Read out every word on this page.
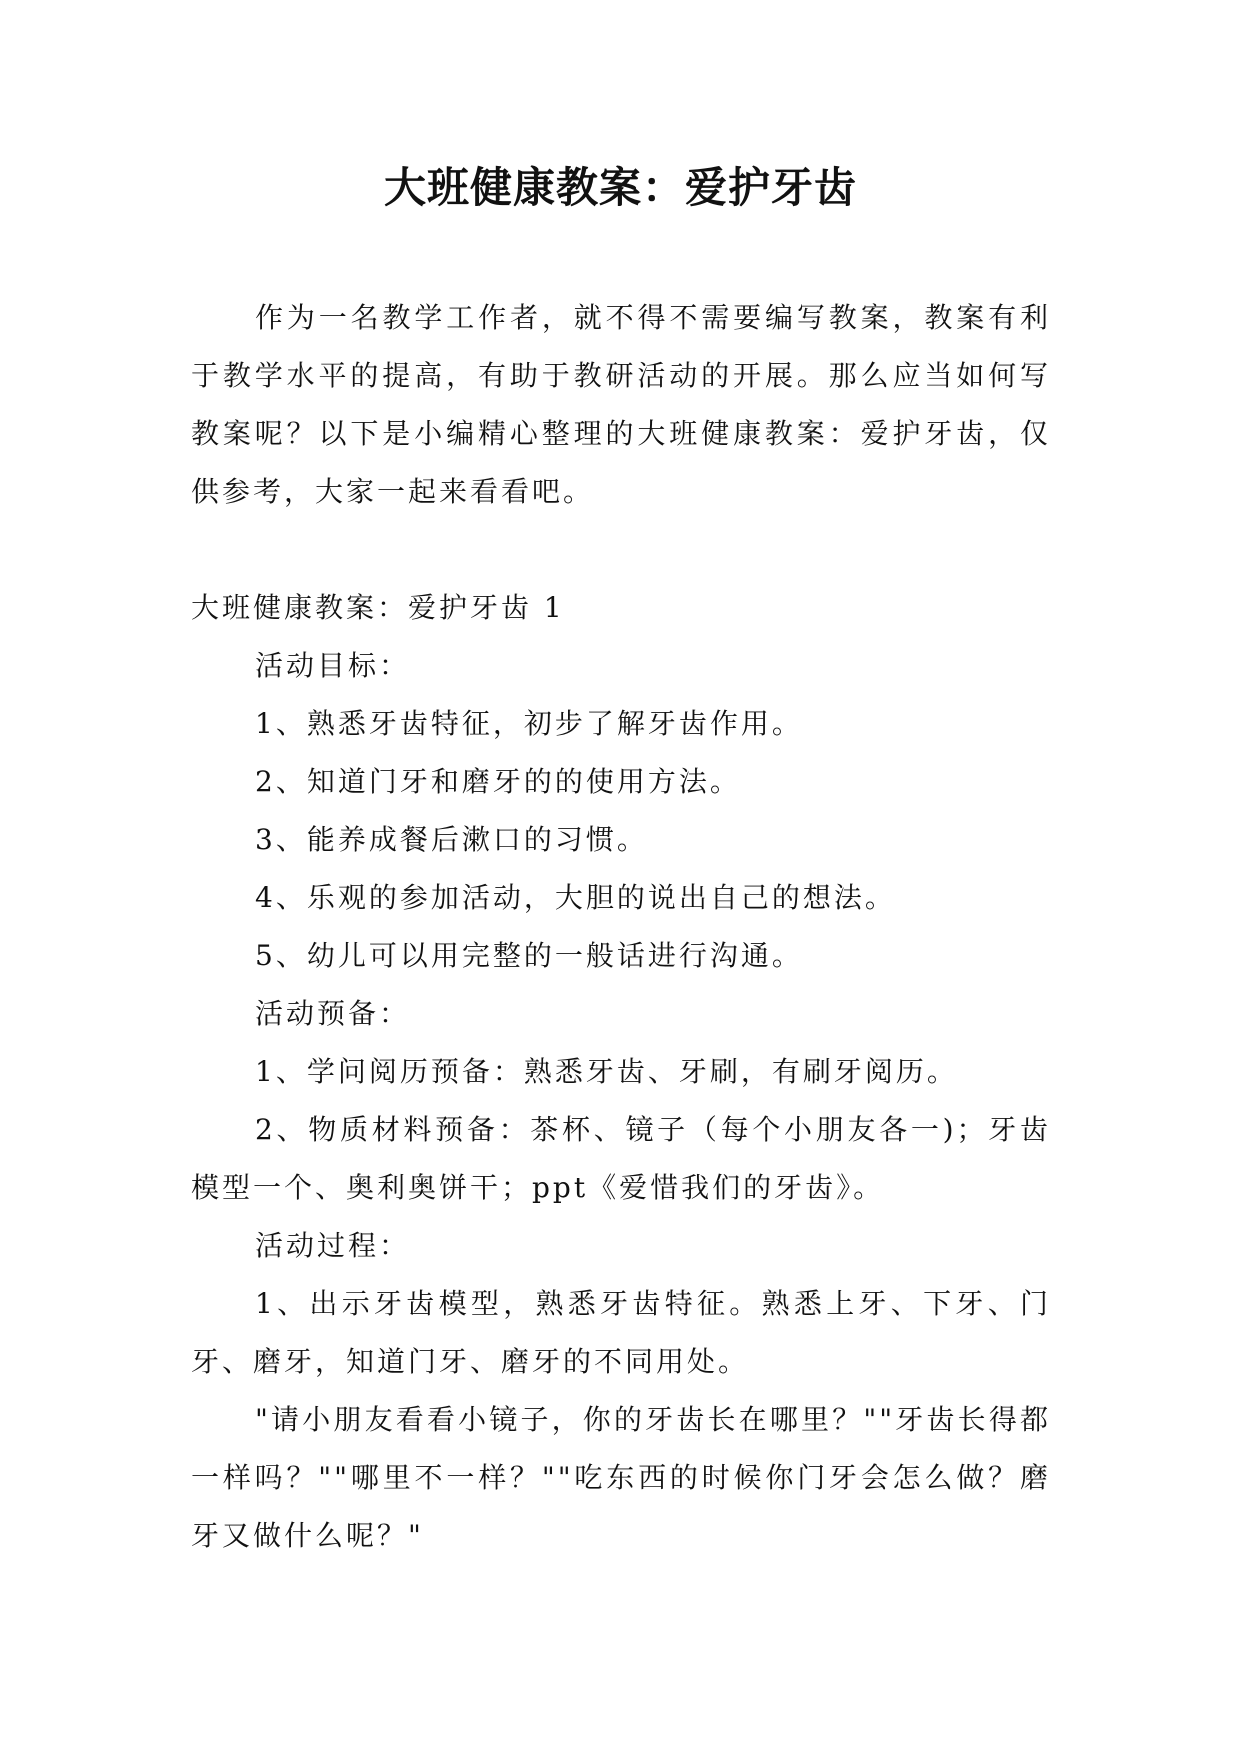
大班健康教案：爱护牙齿

作为一名教学工作者，就不得不需要编写教案，教案有利于教学水平的提高，有助于教研活动的开展。那么应当如何写教案呢？以下是小编精心整理的大班健康教案：爱护牙齿，仅供参考，大家一起来看看吧。

大班健康教案：爱护牙齿 1

活动目标：

1、熟悉牙齿特征，初步了解牙齿作用。

2、知道门牙和磨牙的的使用方法。

3、能养成餐后漱口的习惯。

4、乐观的参加活动，大胆的说出自己的想法。

5、幼儿可以用完整的一般话进行沟通。

活动预备：

1、学问阅历预备：熟悉牙齿、牙刷，有刷牙阅历。

2、物质材料预备：茶杯、镜子（每个小朋友各一)；牙齿模型一个、奥利奥饼干；ppt《爱惜我们的牙齿》。

活动过程：

1、出示牙齿模型，熟悉牙齿特征。熟悉上牙、下牙、门牙、磨牙，知道门牙、磨牙的不同用处。

"请小朋友看看小镜子，你的牙齿长在哪里？""牙齿长得都一样吗？""哪里不一样？""吃东西的时候你门牙会怎么做？磨牙又做什么呢？"
